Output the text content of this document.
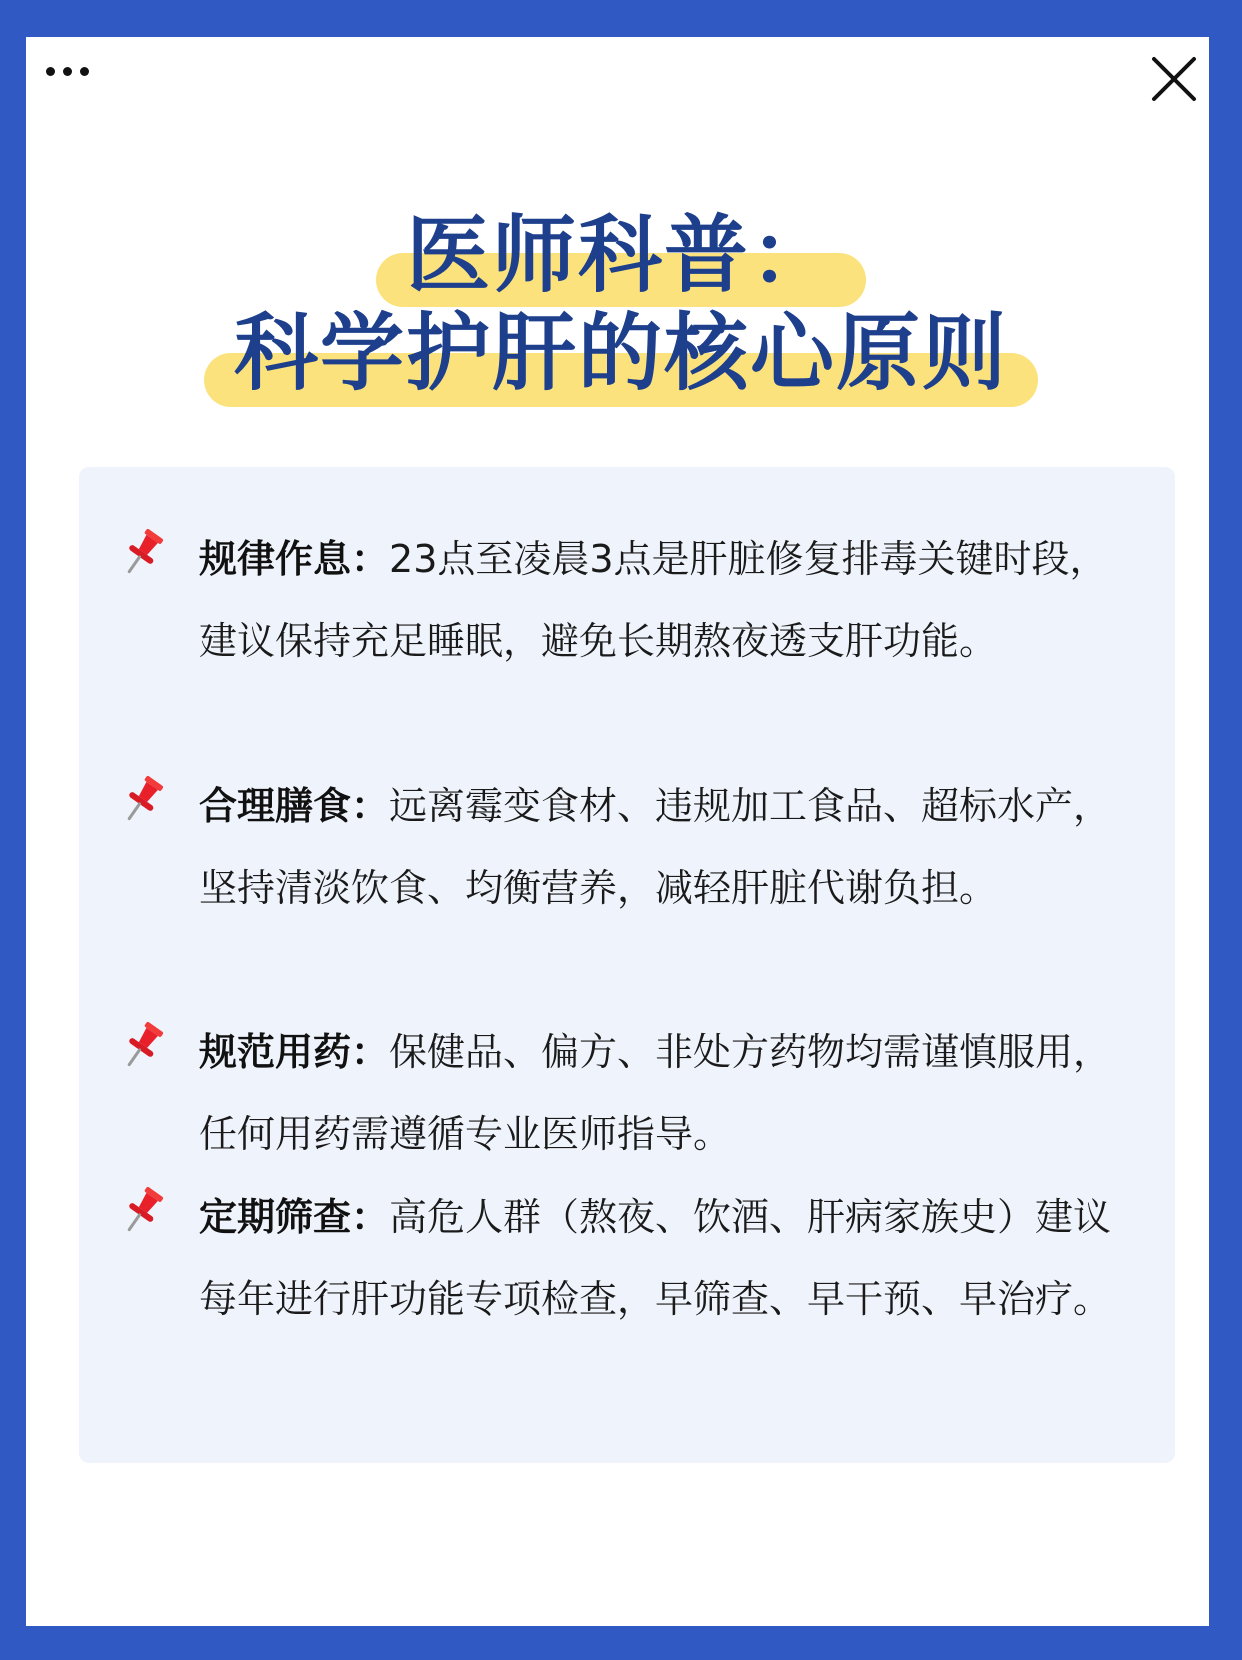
医师科普：
科学护肝的核心原则
规律作息：23点至凌晨3点是肝脏修复排毒关键时段，建议保持充足睡眠，避免长期熬夜透支肝功能。
合理膳食：远离霉变食材、违规加工食品、超标水产，坚持清淡饮食、均衡营养，减轻肝脏代谢负担。
规范用药：保健品、偏方、非处方药物均需谨慎服用，任何用药需遵循专业医师指导。
定期筛查：高危人群（熬夜、饮酒、肝病家族史）建议每年进行肝功能专项检查，早筛查、早干预、早治疗。
